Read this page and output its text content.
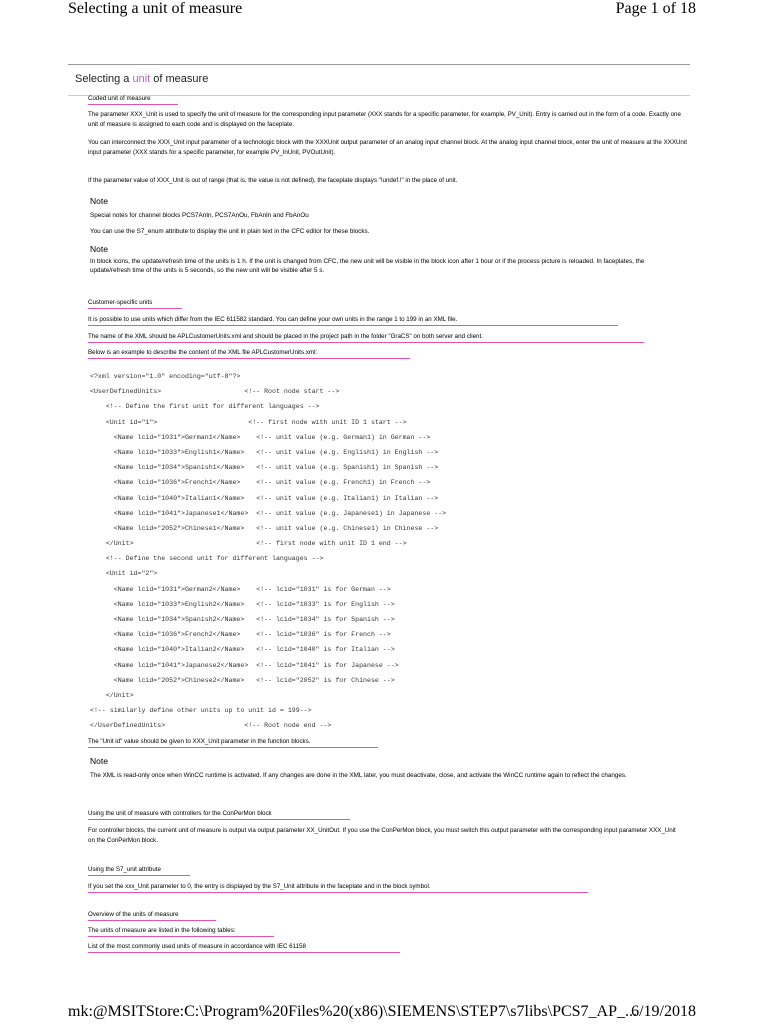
Selecting a unit of measure	Page 1 of 18
Selecting a unit of measure
Coded unit of measure
The parameter XXX_Unit is used to specify the unit of measure for the corresponding input parameter (XXX stands for a specific parameter, for example, PV_Unit). Entry is carried out in the form of a code. Exactly one unit of measure is assigned to each code and is displayed on the faceplate.
You can interconnect the XXX_Unit input parameter of a technologic block with the XXXUnit output parameter of an analog input channel block. At the analog input channel block, enter the unit of measure at the XXXUnit input parameter (XXX stands for a specific parameter, for example PV_InUnit, PVOutUnit).
If the parameter value of XXX_Unit is out of range (that is, the value is not defined), the faceplate displays "!undef.!" in the place of unit.
Note
Special notes for channel blocks PCS7AnIn, PCS7AnOu, FbAnIn and FbAnOu
You can use the S7_enum attribute to display the unit in plain text in the CFC editor for these blocks.
Note
In block icons, the update/refresh time of the units is 1 h. If the unit is changed from CFC, the new unit will be visible in the block icon after 1 hour or if the process picture is reloaded. In faceplates, the update/refresh time of the units is 5 seconds, so the new unit will be visible after 5 s.
Customer-specific units
It is possible to use units which differ from the IEC 611582 standard. You can define your own units in the range 1 to 199 in an XML file.
The name of the XML should be APLCustomerUnits.xml and should be placed in the project path in the folder "GraCS" on both server and client.
Below is an example to describe the content of the XML file APLCustomerUnits.xml:

<?xml version="1.0" encoding="utf-8"?>
<UserDefinedUnits>                     <!-- Root node start -->
<!-- Define the first unit for different languages -->
<Unit id="1">                       <!-- first node with unit ID 1 start -->
<Name lcid="1031">German1</Name>    <!-- unit value (e.g. German1) in German -->
<Name lcid="1033">English1</Name>   <!-- unit value (e.g. English1) in English -->
<Name lcid="1034">Spanish1</Name>   <!-- unit value (e.g. Spanish1) in Spanish -->
<Name lcid="1036">French1</Name>    <!-- unit value (e.g. French1) in French -->
<Name lcid="1040">Italian1</Name>   <!-- unit value (e.g. Italian1) in Italian -->
<Name lcid="1041">Japanese1</Name>  <!-- unit value (e.g. Japanese1) in Japanese -->
<Name lcid="2052">Chinese1</Name>   <!-- unit value (e.g. Chinese1) in Chinese -->
</Unit>                               <!-- first node with unit ID 1 end -->
<!-- Define the second unit for different languages -->
<Unit id="2">
<Name lcid="1031">German2</Name>    <!-- lcid="1031" is for German -->
<Name lcid="1033">English2</Name>   <!-- lcid="1033" is for English -->
<Name lcid="1034">Spanish2</Name>   <!-- lcid="1034" is for Spanish -->
<Name lcid="1036">French2</Name>    <!-- lcid="1036" is for French -->
<Name lcid="1040">Italian2</Name>   <!-- lcid="1040" is for Italian -->
<Name lcid="1041">Japanese2</Name>  <!-- lcid="1041" is for Japanese -->
<Name lcid="2052">Chinese2</Name>   <!-- lcid="2052" is for Chinese -->
</Unit>
<!-- similarly define other units up to unit id = 199-->
</UserDefinedUnits>                    <!-- Root node end -->

The "Unit id" value should be given to XXX_Unit parameter in the function blocks.
Note
The XML is read-only once when WinCC runtime is activated. If any changes are done in the XML later, you must deactivate, close, and activate the WinCC runtime again to reflect the changes.
Using the unit of measure with controllers for the ConPerMon block
For controller blocks, the current unit of measure is output via output parameter XX_UnitOut. If you use the ConPerMon block, you must switch this output parameter with the corresponding input parameter XXX_Unit on the ConPerMon block.
Using the S7_unit attribute
If you set the xxx_Unit parameter to 0, the entry is displayed by the S7_Unit attribute in the faceplate and in the block symbol.
Overview of the units of measure
The units of measure are listed in the following tables:
List of the most commonly used units of measure in accordance with IEC 61158
mk:@MSITStore:C:\Program%20Files%20(x86)\SIEMENS\STEP7\s7libs\PCS7_AP_...
6/19/2018
